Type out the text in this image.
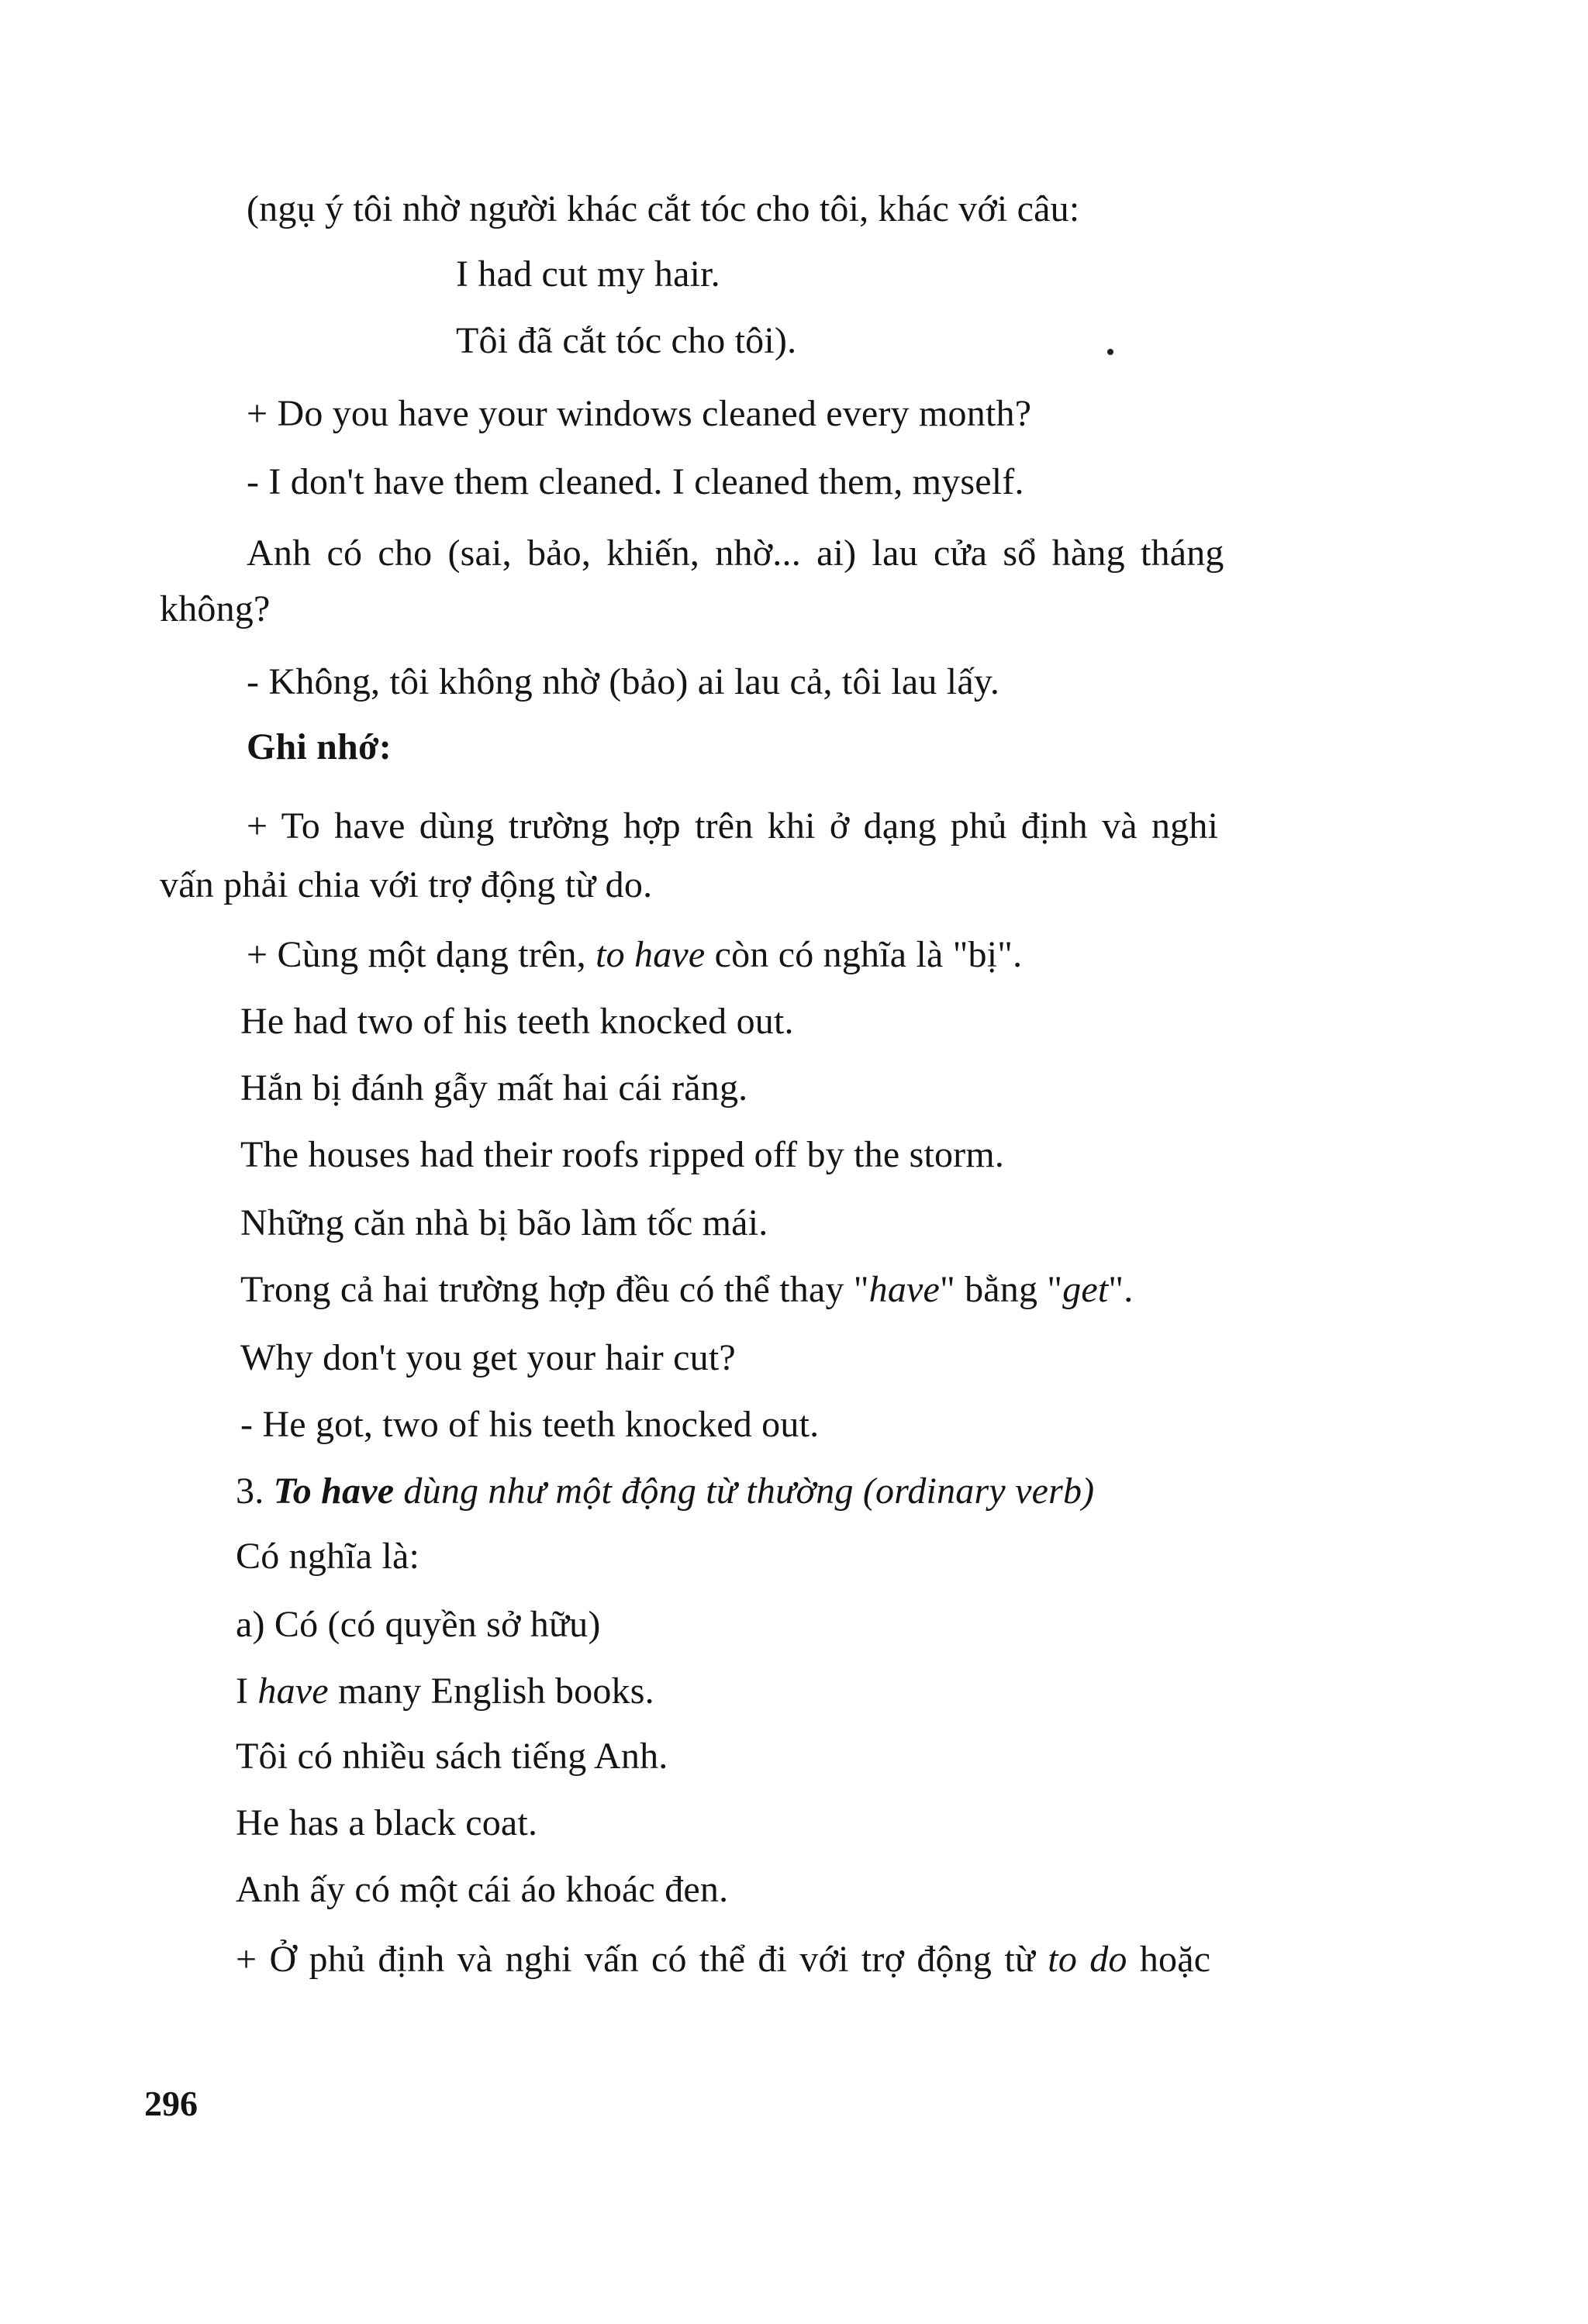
(ngụ ý tôi nhờ người khác cắt tóc cho tôi, khác với câu:
I had cut my hair.
Tôi đã cắt tóc cho tôi).
+ Do you have your windows cleaned every month?
- I don't have them cleaned. I cleaned them, myself.
Anh có cho (sai, bảo, khiến, nhờ... ai) lau cửa sổ hàng tháng
không?
- Không, tôi không nhờ (bảo) ai lau cả, tôi lau lấy.
Ghi nhớ:
+ To have dùng trường hợp trên khi ở dạng phủ định và nghi
vấn phải chia với trợ động từ do.
+ Cùng một dạng trên, to have còn có nghĩa là "bị".
He had two of his teeth knocked out.
Hắn bị đánh gẫy mất hai cái răng.
The houses had their roofs ripped off by the storm.
Những căn nhà bị bão làm tốc mái.
Trong cả hai trường hợp đều có thể thay "have" bằng "get".
Why don't you get your hair cut?
- He got, two of his teeth knocked out.
3. To have dùng như một động từ thường (ordinary verb)
Có nghĩa là:
a) Có (có quyền sở hữu)
I have many English books.
Tôi có nhiều sách tiếng Anh.
He has a black coat.
Anh ấy có một cái áo khoác đen.
+ Ở phủ định và nghi vấn có thể đi với trợ động từ to do hoặc
296
